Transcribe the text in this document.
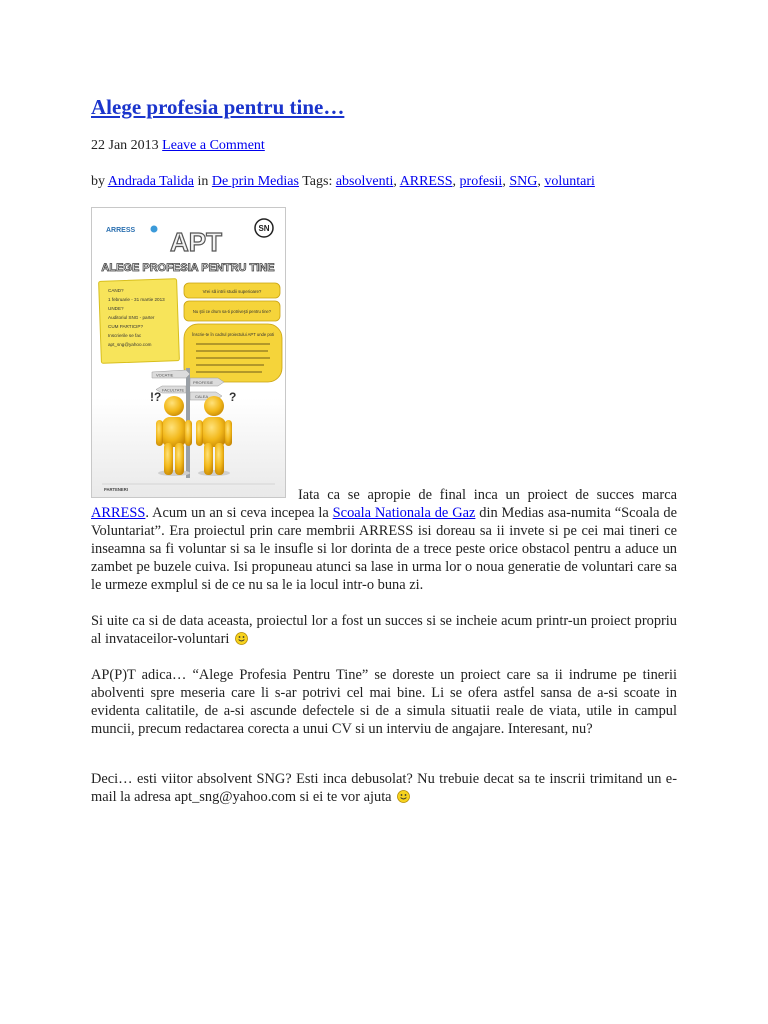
Alege profesia pentru tine…
22 Jan 2013 Leave a Comment
by Andrada Talida in De prin Medias Tags: absolventi, ARRESS, profesii, SNG, voluntari
ARRESS	SN
APT
ALEGE PROFESIA PENTRU TINE
CAND?
1 februarie - 31 martie 2013
UNDE?
Auditoriul SNG - parter
CUM PARTICIP?
Inscrierile se fac
apt_sng@yahoo.com
Vrei să intrii studii superioare?
Nu ştii ce drum sa-ti potriveşti pentru tine?
Înscrie-te în cadrul proiectului APT unde poti
VOCATIE
PROFESIE
FACULTATE
CALEA
!?	?
PARTENERI	Iata ca se apropie de final inca un proiect de succes marca ARRESS. Acum un an si ceva incepea la Scoala Nationala de Gaz din Medias asa-numita “Scoala de Voluntariat”. Era proiectul prin care membrii ARRESS isi doreau sa ii invete si pe cei mai tineri ce inseamna sa fi voluntar si sa le insufle si lor dorinta de a trece peste orice obstacol pentru a aduce un zambet pe buzele cuiva. Isi propuneau atunci sa lase in urma lor o noua generatie de voluntari care sa le urmeze exmplul si de ce nu sa le ia locul intr-o buna zi.

Si uite ca si de data aceasta, proiectul lor a fost un succes si se incheie acum printr-un proiect propriu al invataceilor-voluntari

AP(P)T adica… “Alege Profesia Pentru Tine” se doreste un proiect care sa ii indrume pe tinerii abolventi spre meseria care li s-ar potrivi cel mai bine. Li se ofera astfel sansa de a-si scoate in evidenta calitatile, de a-si ascunde defectele si de a simula situatii reale de viata, utile in campul muncii, precum redactarea corecta a unui CV si un interviu de angajare. Interesant, nu?

Deci… esti viitor absolvent SNG? Esti inca debusolat? Nu trebuie decat sa te inscrii trimitand un e-mail la adresa apt_sng@yahoo.com si ei te vor ajuta
